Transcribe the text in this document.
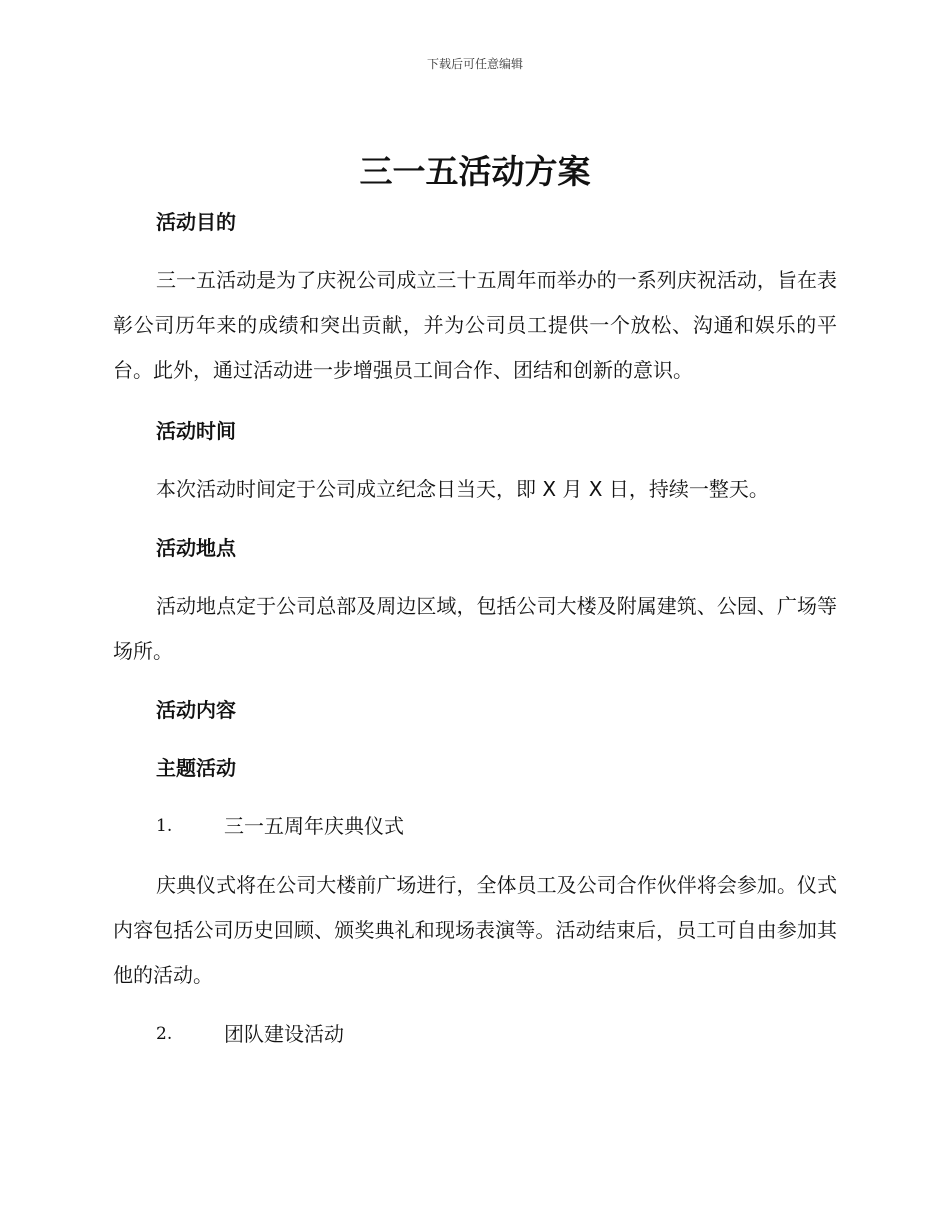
下载后可任意编辑
三一五活动方案

活动目的

三一五活动是为了庆祝公司成立三十五周年而举办的一系列庆祝活动，旨在表彰公司历年来的成绩和突出贡献，并为公司员工提供一个放松、沟通和娱乐的平台。此外，通过活动进一步增强员工间合作、团结和创新的意识。

活动时间

本次活动时间定于公司成立纪念日当天，即 X 月 X 日，持续一整天。

活动地点

活动地点定于公司总部及周边区域，包括公司大楼及附属建筑、公园、广场等场所。

活动内容

主题活动

1.	三一五周年庆典仪式

庆典仪式将在公司大楼前广场进行，全体员工及公司合作伙伴将会参加。仪式内容包括公司历史回顾、颁奖典礼和现场表演等。活动结束后，员工可自由参加其他的活动。

2.	团队建设活动
